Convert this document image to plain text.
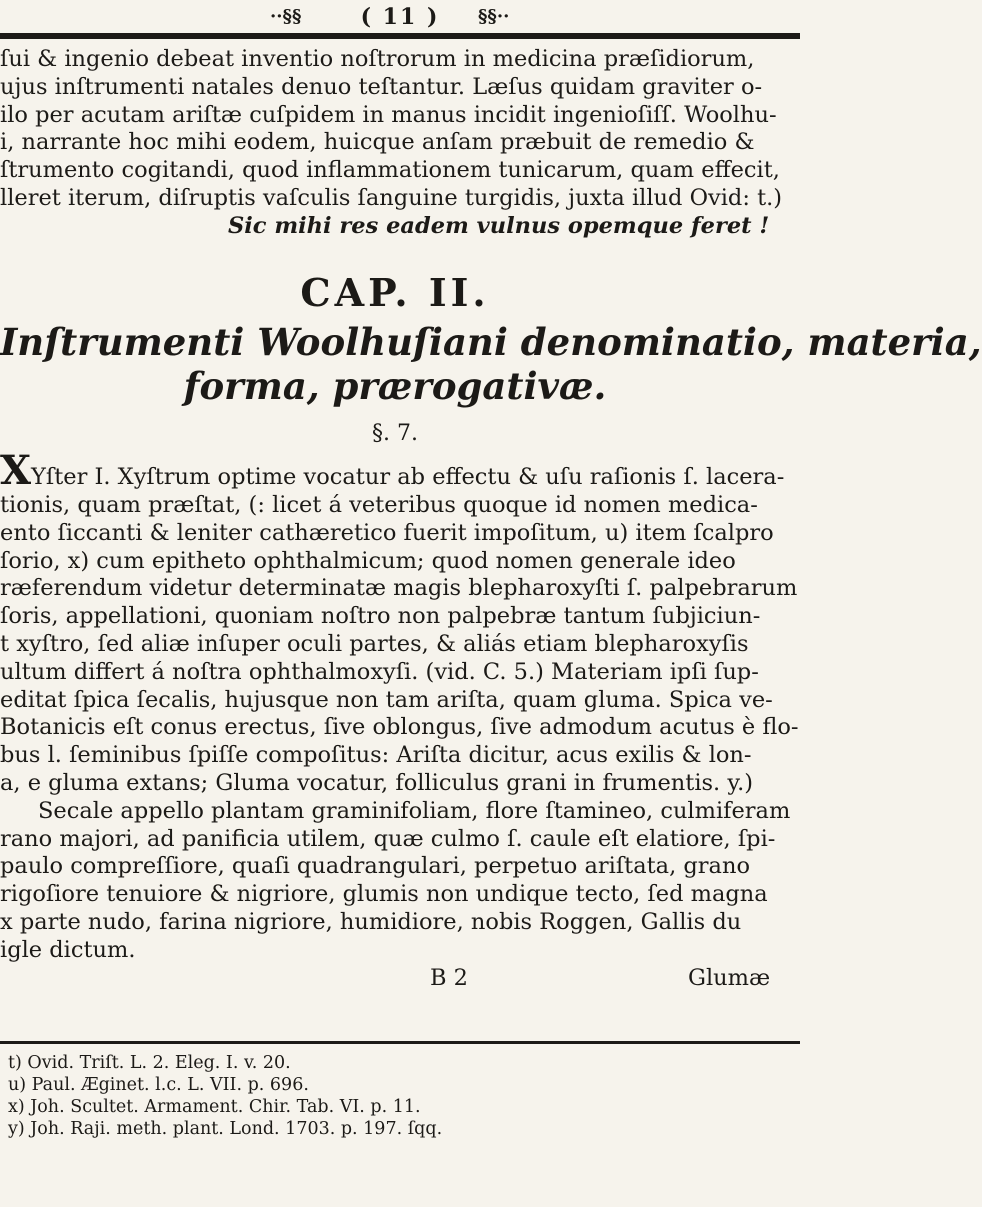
··§§	( 11 )	§§··
ſui & ingenio debeat inventio noſtrorum in medicina præſidiorum,
ujus inſtrumenti natales denuo teſtantur. Læſus quidam graviter o-
ilo per acutam ariſtæ cuſpidem in manus incidit ingenioſiſſ. Woolhu-
i, narrante hoc mihi eodem, huicque anſam præbuit de remedio &
ſtrumento cogitandi, quod inflammationem tunicarum, quam effecit,
lleret iterum, diſruptis vaſculis ſanguine turgidis, juxta illud Ovid: t.)
Sic mihi res eadem vulnus opemque feret !
CAP. II.
Inſtrumenti Woolhuſiani denominatio, materia,
forma, prærogativæ.
§. 7.
XYſter I. Xyſtrum optime vocatur ab effectu & uſu raſionis ſ. lacera-
tionis, quam præſtat, (: licet á veteribus quoque id nomen medica-
ento ſiccanti & leniter cathæretico fuerit impoſitum, u) item ſcalpro
ſorio, x) cum epitheto ophthalmicum; quod nomen generale ideo
ræferendum videtur determinatæ magis blepharoxyſti ſ. palpebrarum
ſoris, appellationi, quoniam noſtro non palpebræ tantum ſubjiciun-
t xyſtro, ſed aliæ inſuper oculi partes, & aliás etiam blepharoxyſis
ultum differt á noſtra ophthalmoxyſi. (vid. C. 5.) Materiam ipſi ſup-
editat ſpica ſecalis, hujusque non tam ariſta, quam gluma. Spica ve-
Botanicis eſt conus erectus, ſive oblongus, ſive admodum acutus è flo-
bus l. ſeminibus ſpiſſe compoſitus: Ariſta dicitur, acus exilis & lon-
a, e gluma extans; Gluma vocatur, folliculus grani in frumentis. y.)
Secale appello plantam graminifoliam, flore ſtamineo, culmiferam
rano majori, ad panificia utilem, quæ culmo ſ. caule eſt elatiore, ſpi-
paulo compreſſiore, quaſi quadrangulari, perpetuo ariſtata, grano
rigoſiore tenuiore & nigriore, glumis non undique tecto, ſed magna
x parte nudo, farina nigriore, humidiore, nobis Roggen, Gallis du
igle dictum.
B 2	Glumæ
t) Ovid. Triſt. L. 2. Eleg. I. v. 20.
u) Paul. Æginet. l.c. L. VII. p. 696.
x) Joh. Scultet. Armament. Chir. Tab. VI. p. 11.
y) Joh. Raji. meth. plant. Lond. 1703. p. 197. ſqq.
